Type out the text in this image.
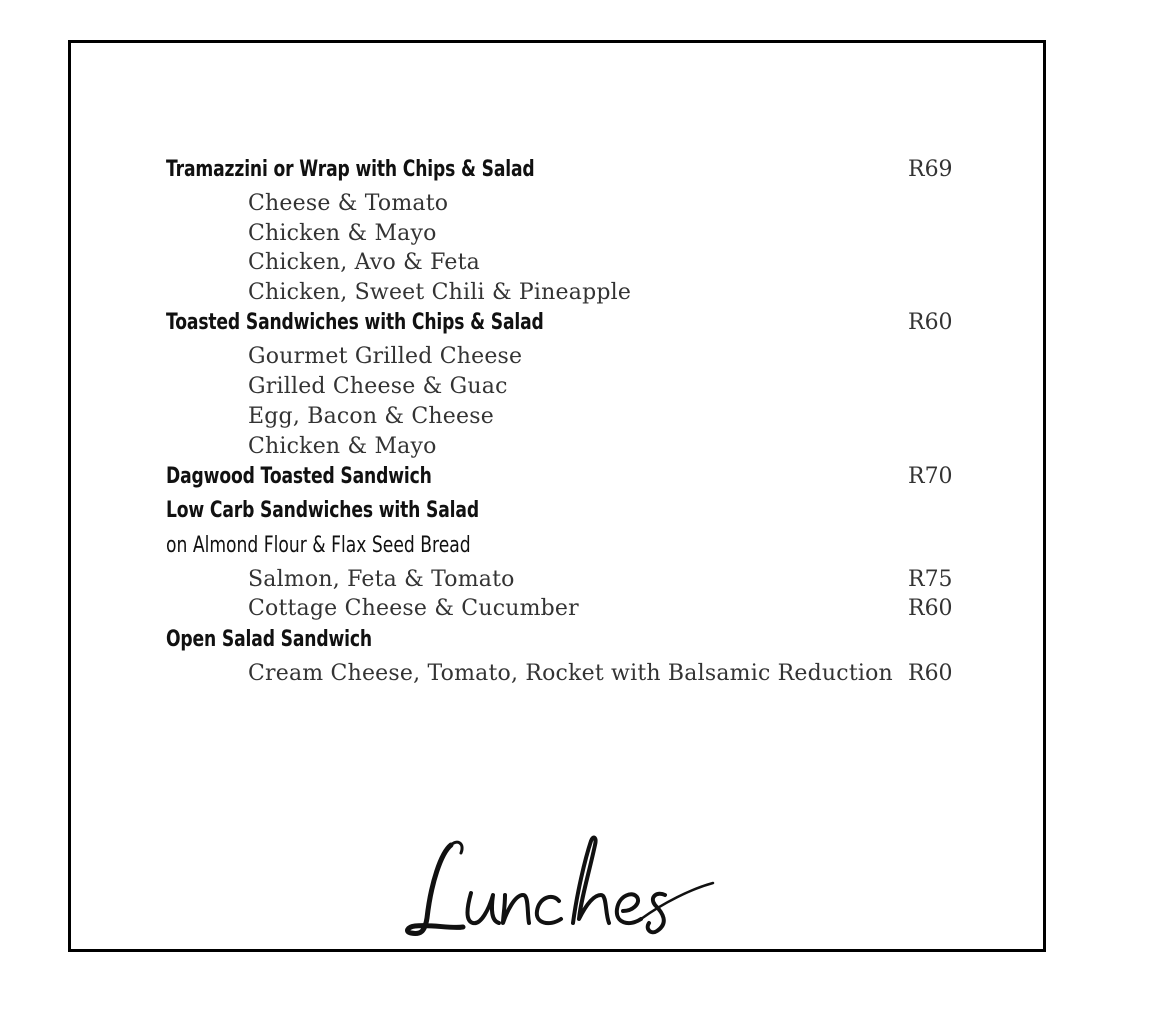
Tramazzini or Wrap with Chips & Salad	R69
Cheese & Tomato
Chicken & Mayo
Chicken, Avo & Feta
Chicken, Sweet Chili & Pineapple
Toasted Sandwiches with Chips & Salad	R60
Gourmet Grilled Cheese
Grilled Cheese & Guac
Egg, Bacon & Cheese
Chicken & Mayo
Dagwood Toasted Sandwich	R70
Low Carb Sandwiches with Salad
on Almond Flour & Flax Seed Bread
Salmon, Feta & Tomato	R75
Cottage Cheese & Cucumber	R60
Open Salad Sandwich
Cream Cheese, Tomato, Rocket with Balsamic Reduction R60
